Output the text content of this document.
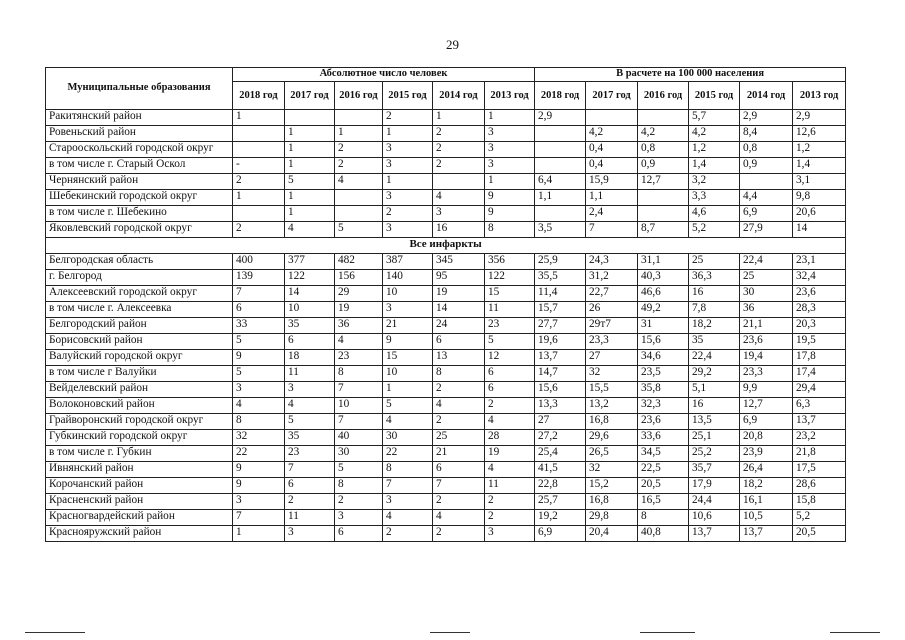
29
Муниципальные образования	Абсолютное число человек						В расчете на 100 000 населения					
	2018 год	2017 год	2016 год	2015 год	2014 год	2013 год	2018 год	2017 год	2016 год	2015 год	2014 год	2013 год
Ракитянский район	1			2	1	1	2,9			5,7	2,9	2,9
Ровеньский район		1	1	1	2	3		4,2	4,2	4,2	8,4	12,6
Старооскольский городской округ		1	2	3	2	3		0,4	0,8	1,2	0,8	1,2
в том числе г. Старый Оскол	-	1	2	3	2	3		0,4	0,9	1,4	0,9	1,4
Чернянский район	2	5	4	1		1	6,4	15,9	12,7	3,2		3,1
Шебекинский городской округ	1	1		3	4	9	1,1	1,1		3,3	4,4	9,8
в том числе г. Шебекино		1		2	3	9		2,4		4,6	6,9	20,6
Яковлевский городской округ	2	4	5	3	16	8	3,5	7	8,7	5,2	27,9	14
Все инфаркты												
Белгородская область	400	377	482	387	345	356	25,9	24,3	31,1	25	22,4	23,1
г. Белгород	139	122	156	140	95	122	35,5	31,2	40,3	36,3	25	32,4
Алексеевский городской округ	7	14	29	10	19	15	11,4	22,7	46,6	16	30	23,6
в том числе г. Алексеевка	6	10	19	3	14	11	15,7	26	49,2	7,8	36	28,3
Белгородский район	33	35	36	21	24	23	27,7	29т7	31	18,2	21,1	20,3
Борисовский район	5	6	4	9	6	5	19,6	23,3	15,6	35	23,6	19,5
Валуйский городской округ	9	18	23	15	13	12	13,7	27	34,6	22,4	19,4	17,8
в том числе г Валуйки	5	11	8	10	8	6	14,7	32	23,5	29,2	23,3	17,4
Вейделевский район	3	3	7	1	2	6	15,6	15,5	35,8	5,1	9,9	29,4
Волоконовский район	4	4	10	5	4	2	13,3	13,2	32,3	16	12,7	6,3
Грайворонский городской округ	8	5	7	4	2	4	27	16,8	23,6	13,5	6,9	13,7
Губкинский городской округ	32	35	40	30	25	28	27,2	29,6	33,6	25,1	20,8	23,2
в том числе г. Губкин	22	23	30	22	21	19	25,4	26,5	34,5	25,2	23,9	21,8
Ивнянский район	9	7	5	8	6	4	41,5	32	22,5	35,7	26,4	17,5
Корочанский район	9	6	8	7	7	11	22,8	15,2	20,5	17,9	18,2	28,6
Красненский район	3	2	2	3	2	2	25,7	16,8	16,5	24,4	16,1	15,8
Красногвардейский район	7	11	3	4	4	2	19,2	29,8	8	10,6	10,5	5,2
Краснояружский район	1	3	6	2	2	3	6,9	20,4	40,8	13,7	13,7	20,5
